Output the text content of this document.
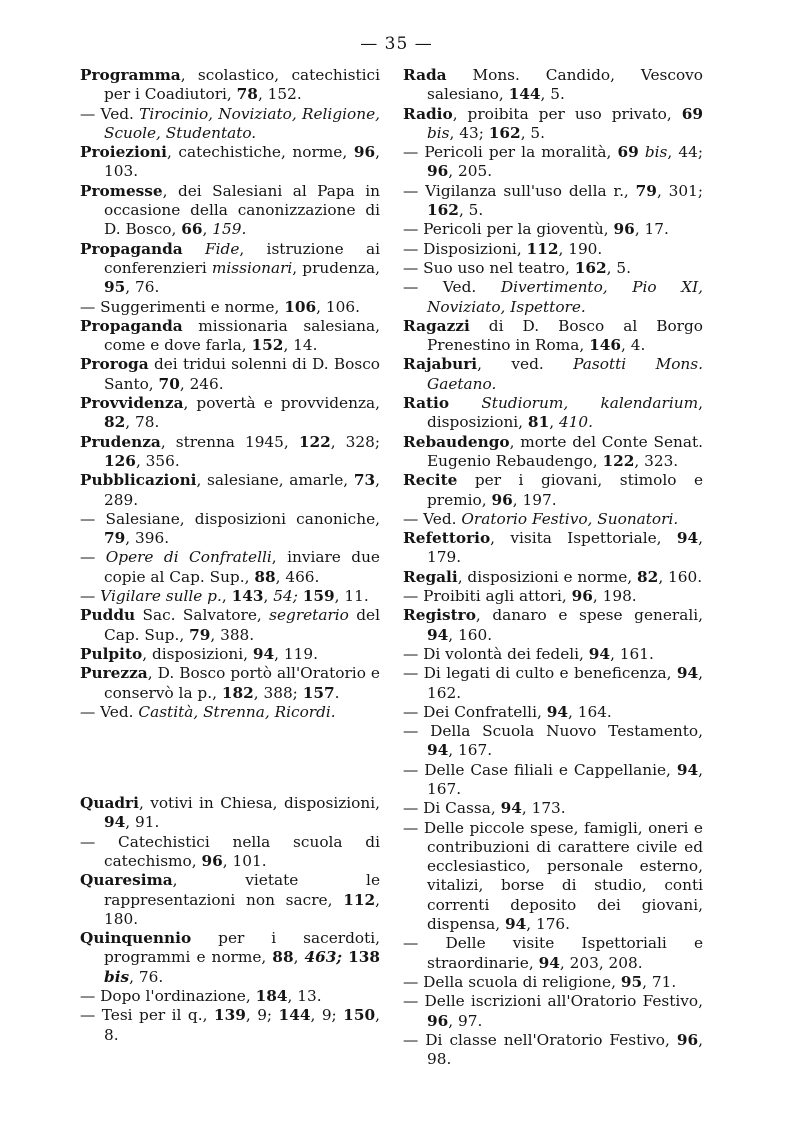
— 35 —
Programma, scolastico, catechistici per i Coadiutori, 78, 152.
— Ved. Tirocinio, Noviziato, Religione, Scuole, Studentato.
Proiezioni, catechistiche, norme, 96, 103.
Promesse, dei Salesiani al Papa in occasione della canonizzazione di D. Bosco, 66, 159.
Propaganda Fide, istruzione ai conferenzieri missionari, prudenza, 95, 76.
— Suggerimenti e norme, 106, 106.
Propaganda missionaria salesiana, come e dove farla, 152, 14.
Proroga dei tridui solenni di D. Bosco Santo, 70, 246.
Provvidenza, povertà e provvidenza, 82, 78.
Prudenza, strenna 1945, 122, 328; 126, 356.
Pubblicazioni, salesiane, amarle, 73, 289.
— Salesiane, disposizioni canoniche, 79, 396.
— Opere di Confratelli, inviare due copie al Cap. Sup., 88, 466.
— Vigilare sulle p., 143, 54; 159, 11.
Puddu Sac. Salvatore, segretario del Cap. Sup., 79, 388.
Pulpito, disposizioni, 94, 119.
Purezza, D. Bosco portò all'Oratorio e conservò la p., 182, 388; 157.
— Ved. Castità, Strenna, Ricordi.
Quadri, votivi in Chiesa, disposizioni, 94, 91.
— Catechistici nella scuola di catechismo, 96, 101.
Quaresima, vietate le rappresentazioni non sacre, 112, 180.
Quinquennio per i sacerdoti, programmi e norme, 88, 463; 138 bis, 76.
— Dopo l'ordinazione, 184, 13.
— Tesi per il q., 139, 9; 144, 9; 150, 8.
Rada Mons. Candido, Vescovo salesiano, 144, 5.
Radio, proibita per uso privato, 69 bis, 43; 162, 5.
— Pericoli per la moralità, 69 bis, 44; 96, 205.
— Vigilanza sull'uso della r., 79, 301; 162, 5.
— Pericoli per la gioventù, 96, 17.
— Disposizioni, 112, 190.
— Suo uso nel teatro, 162, 5.
— Ved. Divertimento, Pio XI, Noviziato, Ispettore.
Ragazzi di D. Bosco al Borgo Prenestino in Roma, 146, 4.
Rajaburi, ved. Pasotti Mons. Gaetano.
Ratio Studiorum, kalendarium, disposizioni, 81, 410.
Rebaudengo, morte del Conte Senat. Eugenio Rebaudengo, 122, 323.
Recite per i giovani, stimolo e premio, 96, 197.
— Ved. Oratorio Festivo, Suonatori.
Refettorio, visita Ispettoriale, 94, 179.
Regali, disposizioni e norme, 82, 160.
— Proibiti agli attori, 96, 198.
Registro, danaro e spese generali, 94, 160.
— Di volontà dei fedeli, 94, 161.
— Di legati di culto e beneficenza, 94, 162.
— Dei Confratelli, 94, 164.
— Della Scuola Nuovo Testamento, 94, 167.
— Delle Case filiali e Cappellanie, 94, 167.
— Di Cassa, 94, 173.
— Delle piccole spese, famigli, oneri e contribuzioni di carattere civile ed ecclesiastico, personale esterno, vitalizi, borse di studio, conti correnti deposito dei giovani, dispensa, 94, 176.
— Delle visite Ispettoriali e straordinarie, 94, 203, 208.
— Della scuola di religione, 95, 71.
— Delle iscrizioni all'Oratorio Festivo, 96, 97.
— Di classe nell'Oratorio Festivo, 96, 98.
